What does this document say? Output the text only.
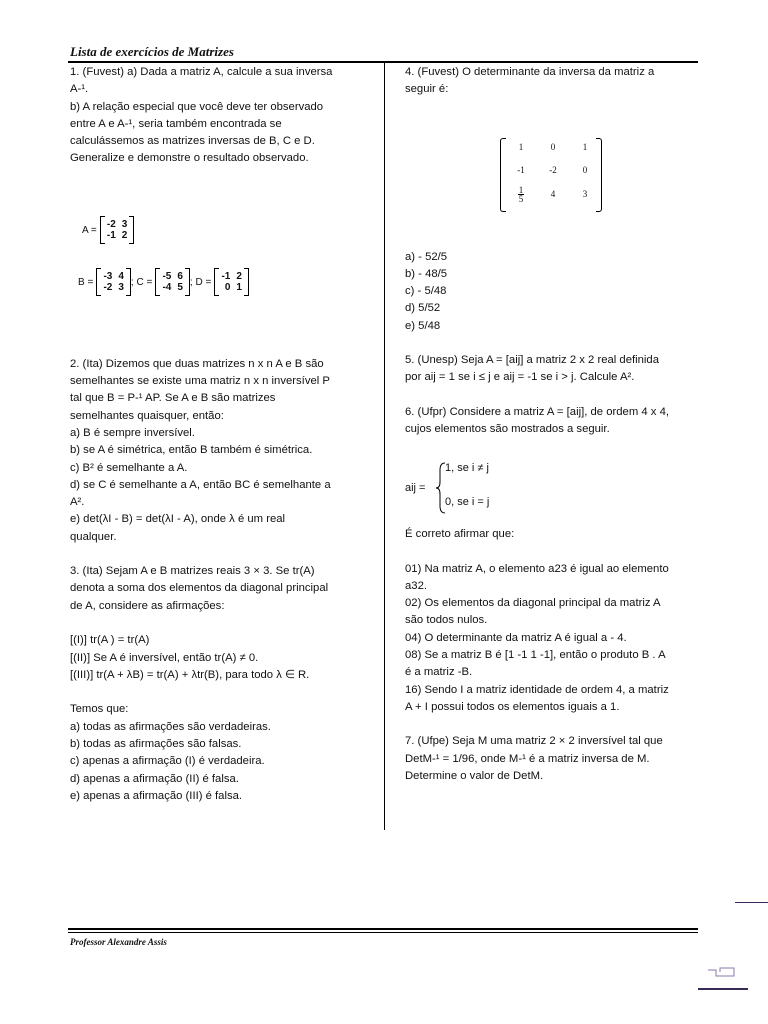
Lista de exercícios de Matrizes

1. (Fuvest) a) Dada a matriz A, calcule a sua inversa

A-¹.

b) A relação especial que você deve ter observado

entre A e A-¹, seria também encontrada se

calculássemos as matrizes inversas de B, C e D.

Generalize e demonstre o resultado observado.

A =
-2 3
-1 2
B =
-3 4
-2 3 ; C =
-5 6
-4 5 ; D =
-1 2
0 1

2. (Ita) Dizemos que duas matrizes n x n A e B são

semelhantes se existe uma matriz n x n inversível P

tal que B = P-¹ AP. Se A e B são matrizes

semelhantes quaisquer, então:

a) B é sempre inversível.

b) se A é simétrica, então B também é simétrica.

c) B² é semelhante a A.

d) se C é semelhante a A, então BC é semelhante a

A².

e) det(λI - B) = det(λI - A), onde λ é um real

qualquer.

3. (Ita) Sejam A e B matrizes reais 3 × 3. Se tr(A)

denota a soma dos elementos da diagonal principal

de A, considere as afirmações:

[(I)] tr(A ) = tr(A)

[(II)] Se A é inversível, então tr(A) ≠ 0.

[(III)] tr(A + λB) = tr(A) + λtr(B), para todo λ ∈ R.

Temos que:

a) todas as afirmações são verdadeiras.

b) todas as afirmações são falsas.

c) apenas a afirmação (I) é verdadeira.

d) apenas a afirmação (II) é falsa.

e) apenas a afirmação (III) é falsa.

4. (Fuvest) O determinante da inversa da matriz a

seguir é:

a) - 52/5

b) - 48/5

c) - 5/48

d) 5/52

e) 5/48

5. (Unesp) Seja A = [aij] a matriz 2 x 2 real definida

por aij = 1 se i ≤ j e aij = -1 se i > j. Calcule A².

6. (Ufpr) Considere a matriz A = [aij], de ordem 4 x 4,

cujos elementos são mostrados a seguir.

É correto afirmar que:

01) Na matriz A, o elemento a23 é igual ao elemento

a32.

02) Os elementos da diagonal principal da matriz A

são todos nulos.

04) O determinante da matriz A é igual a - 4.

08) Se a matriz B é [1 -1 1 -1], então o produto B . A

é a matriz -B.

16) Sendo I a matriz identidade de ordem 4, a matriz

A + I possui todos os elementos iguais a 1.

7. (Ufpe) Seja M uma matriz 2 × 2 inversível tal que

DetM-¹ = 1/96, onde M-¹ é a matriz inversa de M.

Determine o valor de DetM.

1	0	1
-1	-2	0
$\frac{1}{5}$	4	3
aij =
1, se i ≠ j
0, se i = j
Professor Alexandre Assis
